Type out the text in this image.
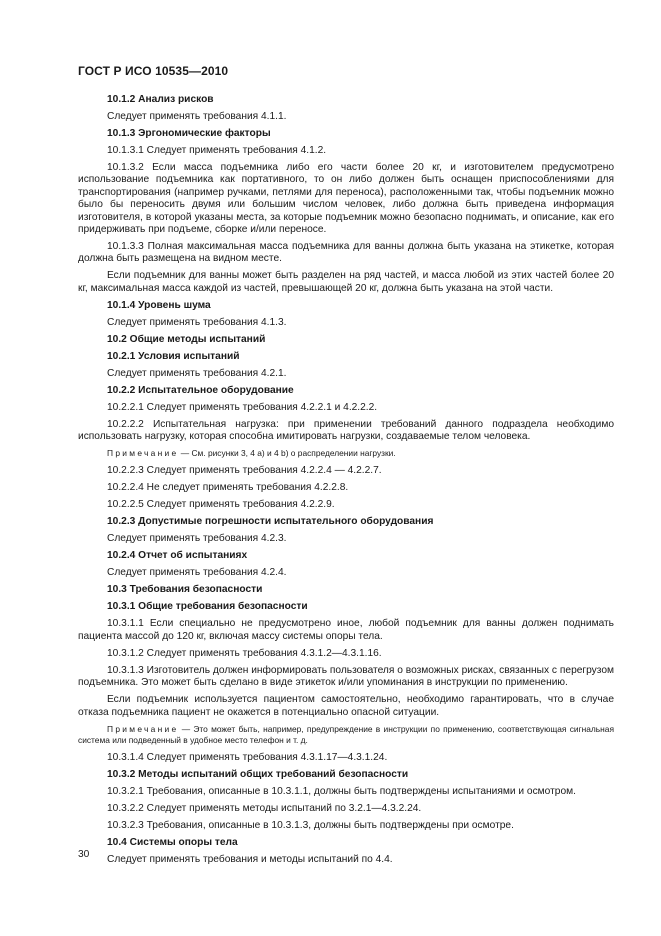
ГОСТ Р ИСО 10535—2010
10.1.2 Анализ рисков
Следует применять требования 4.1.1.
10.1.3 Эргономические факторы
10.1.3.1 Следует применять требования 4.1.2.
10.1.3.2 Если масса подъемника либо его части более 20 кг, и изготовителем предусмотрено использование подъемника как портативного, то он либо должен быть оснащен приспособлениями для транспортирования (например ручками, петлями для переноса), расположенными так, чтобы подъемник можно было бы переносить двумя или большим числом человек, либо должна быть приведена информация изготовителя, в которой указаны места, за которые подъемник можно безопасно поднимать, и описание, как его придерживать при подъеме, сборке и/или переносе.
10.1.3.3 Полная максимальная масса подъемника для ванны должна быть указана на этикетке, которая должна быть размещена на видном месте.
Если подъемник для ванны может быть разделен на ряд частей, и масса любой из этих частей более 20 кг, максимальная масса каждой из частей, превышающей 20 кг, должна быть указана на этой части.
10.1.4 Уровень шума
Следует применять требования 4.1.3.
10.2 Общие методы испытаний
10.2.1 Условия испытаний
Следует применять требования 4.2.1.
10.2.2 Испытательное оборудование
10.2.2.1 Следует применять требования 4.2.2.1 и 4.2.2.2.
10.2.2.2 Испытательная нагрузка: при применении требований данного подраздела необходимо использовать нагрузку, которая способна имитировать нагрузки, создаваемые телом человека.
Примечание — См. рисунки 3, 4 а) и 4 b) о распределении нагрузки.
10.2.2.3 Следует применять требования 4.2.2.4 — 4.2.2.7.
10.2.2.4 Не следует применять требования 4.2.2.8.
10.2.2.5 Следует применять требования 4.2.2.9.
10.2.3 Допустимые погрешности испытательного оборудования
Следует применять требования 4.2.3.
10.2.4 Отчет об испытаниях
Следует применять требования 4.2.4.
10.3 Требования безопасности
10.3.1 Общие требования безопасности
10.3.1.1 Если специально не предусмотрено иное, любой подъемник для ванны должен поднимать пациента массой до 120 кг, включая массу системы опоры тела.
10.3.1.2 Следует применять требования 4.3.1.2—4.3.1.16.
10.3.1.3 Изготовитель должен информировать пользователя о возможных рисках, связанных с перегрузом подъемника. Это может быть сделано в виде этикеток и/или упоминания в инструкции по применению.
Если подъемник используется пациентом самостоятельно, необходимо гарантировать, что в случае отказа подъемника пациент не окажется в потенциально опасной ситуации.
Примечание — Это может быть, например, предупреждение в инструкции по применению, соответствующая сигнальная система или подведенный в удобное место телефон и т. д.
10.3.1.4 Следует применять требования 4.3.1.17—4.3.1.24.
10.3.2 Методы испытаний общих требований безопасности
10.3.2.1 Требования, описанные в 10.3.1.1, должны быть подтверждены испытаниями и осмотром.
10.3.2.2 Следует применять методы испытаний по 3.2.1—4.3.2.24.
10.3.2.3 Требования, описанные в 10.3.1.3, должны быть подтверждены при осмотре.
10.4 Системы опоры тела
Следует применять требования и методы испытаний по 4.4.
30
